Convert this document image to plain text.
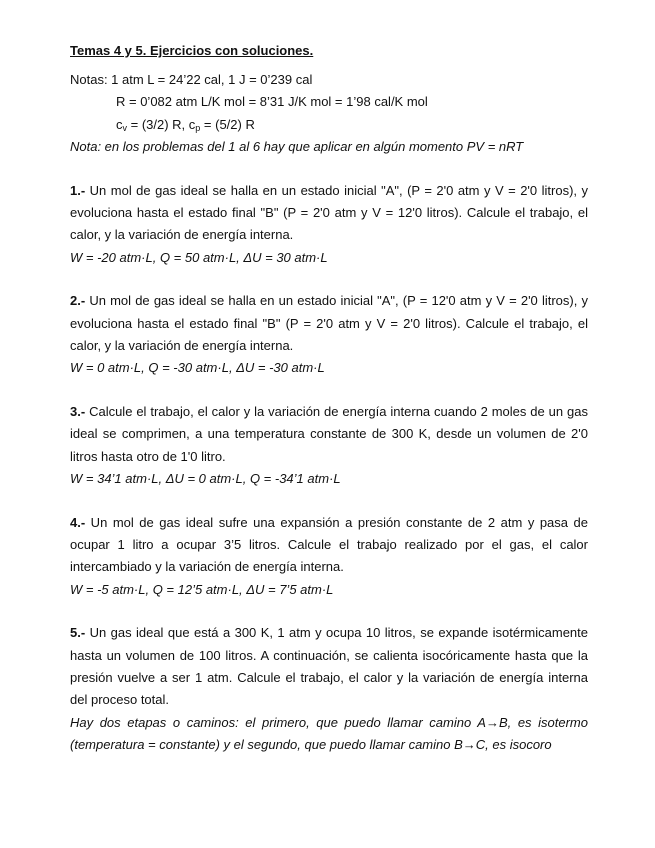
Temas 4 y 5. Ejercicios con soluciones.

Notas: 1 atm L = 24’22 cal, 1 J = 0’239 cal

R = 0’082 atm L/K mol = 8’31 J/K mol = 1’98 cal/K mol

$c_v = (3/2)$ R, $c_p = (5/2)$ R

Nota: en los problemas del 1 al 6 hay que aplicar en algún momento PV = nRT

1.- Un mol de gas ideal se halla en un estado inicial "A", (P = 2'0 atm y V = 2'0 litros), y evoluciona hasta el estado final "B" (P = 2'0 atm y V = 12'0 litros). Calcule el trabajo, el calor, y la variación de energía interna.

W = -20 atm·L, Q = 50 atm·L, ΔU = 30 atm·L

2.- Un mol de gas ideal se halla en un estado inicial "A", (P = 12'0 atm y V = 2'0 litros), y evoluciona hasta el estado final "B" (P = 2'0 atm y V = 2'0 litros). Calcule el trabajo, el calor, y la variación de energía interna.

W = 0 atm·L, Q = -30 atm·L, ΔU = -30 atm·L

3.- Calcule el trabajo, el calor y la variación de energía interna cuando 2 moles de un gas ideal se comprimen, a una temperatura constante de 300 K, desde un volumen de 2'0 litros hasta otro de 1'0 litro.

W = 34’1 atm·L, ΔU = 0 atm·L, Q = -34’1 atm·L

4.- Un mol de gas ideal sufre una expansión a presión constante de 2 atm y pasa de ocupar 1 litro a ocupar 3’5 litros. Calcule el trabajo realizado por el gas, el calor intercambiado y la variación de energía interna.

W = -5 atm·L, Q = 12’5 atm·L, ΔU = 7’5 atm·L

5.- Un gas ideal que está a 300 K, 1 atm y ocupa 10 litros, se expande isotérmicamente hasta un volumen de 100 litros. A continuación, se calienta isocóricamente hasta que la presión vuelve a ser 1 atm. Calcule el trabajo, el calor y la variación de energía interna del proceso total.

Hay dos etapas o caminos: el primero, que puedo llamar camino A→B, es isotermo (temperatura = constante) y el segundo, que puedo llamar camino B→C, es isocoro
